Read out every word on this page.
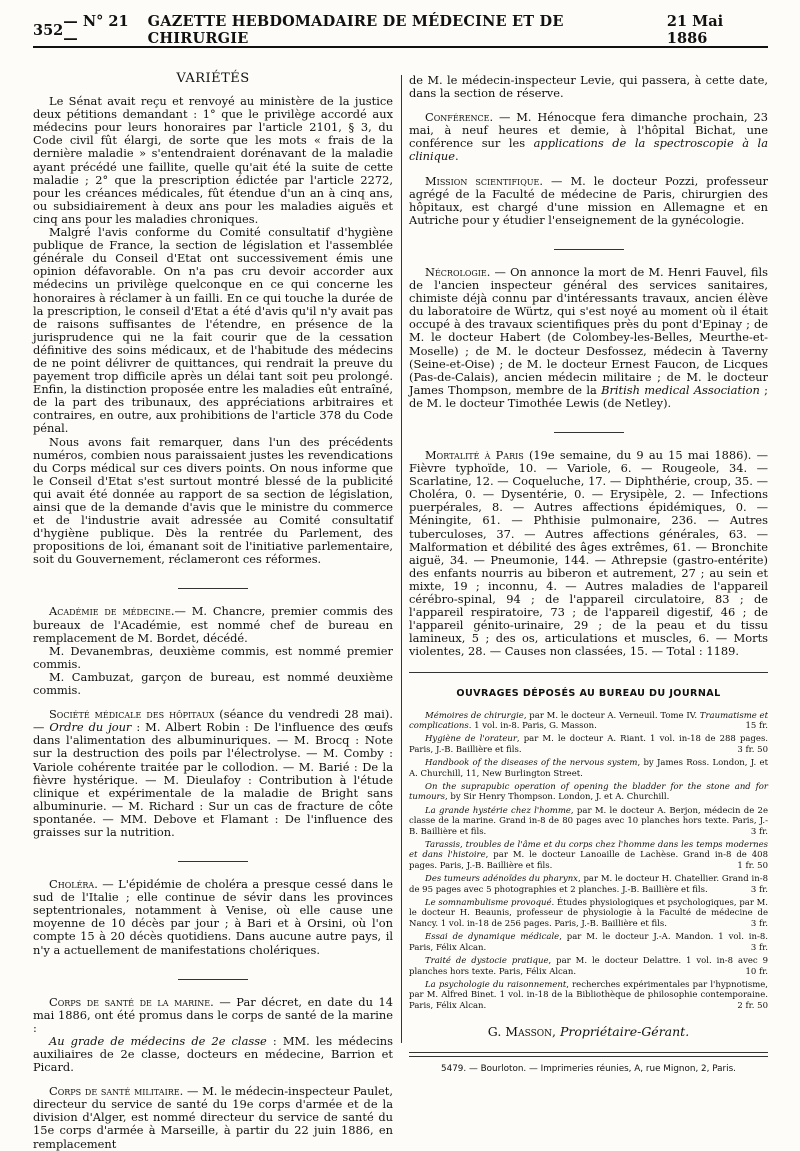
352 — N° 21 —
GAZETTE HEBDOMADAIRE DE MÉDECINE ET DE CHIRURGIE
21 Mai 1886
VARIÉTÉS

Le Sénat avait reçu et renvoyé au ministère de la justice deux pétitions demandant : 1° que le privilège accordé aux médecins pour leurs honoraires par l'article 2101, § 3, du Code civil fût élargi, de sorte que les mots « frais de la dernière maladie » s'entendraient dorénavant de la maladie ayant précédé une faillite, quelle qu'ait été la suite de cette maladie ; 2° que la prescription édictée par l'article 2272, pour les créances médicales, fût étendue d'un an à cinq ans, ou subsidiairement à deux ans pour les maladies aiguës et cinq ans pour les maladies chroniques.

Malgré l'avis conforme du Comité consultatif d'hygiène publique de France, la section de législation et l'assemblée générale du Conseil d'Etat ont successivement émis une opinion défavorable. On n'a pas cru devoir accorder aux médecins un privilège quelconque en ce qui concerne les honoraires à réclamer à un failli. En ce qui touche la durée de la prescription, le conseil d'Etat a été d'avis qu'il n'y avait pas de raisons suffisantes de l'étendre, en présence de la jurisprudence qui ne la fait courir que de la cessation définitive des soins médicaux, et de l'habitude des médecins de ne point délivrer de quittances, qui rendrait la preuve du payement trop difficile après un délai tant soit peu prolongé. Enfin, la distinction proposée entre les maladies eût entraîné, de la part des tribunaux, des appréciations arbitraires et contraires, en outre, aux prohibitions de l'article 378 du Code pénal.

Nous avons fait remarquer, dans l'un des précédents numéros, combien nous paraissaient justes les revendications du Corps médical sur ces divers points. On nous informe que le Conseil d'Etat s'est surtout montré blessé de la publicité qui avait été donnée au rapport de sa section de législation, ainsi que de la demande d'avis que le ministre du commerce et de l'industrie avait adressée au Comité consultatif d'hygiène publique. Dès la rentrée du Parlement, des propositions de loi, émanant soit de l'initiative parlementaire, soit du Gouvernement, réclameront ces réformes.

Académie de médecine.— M. Chancre, premier commis des bureaux de l'Académie, est nommé chef de bureau en remplacement de M. Bordet, décédé.

M. Devanembras, deuxième commis, est nommé premier commis.

M. Cambuzat, garçon de bureau, est nommé deuxième commis.

Société médicale des hôpitaux (séance du vendredi 28 mai). — Ordre du jour : M. Albert Robin : De l'influence des œufs dans l'alimentation des albuminuriques. — M. Brocq : Note sur la destruction des poils par l'électrolyse. — M. Comby : Variole cohérente traitée par le collodion. — M. Barié : De la fièvre hystérique. — M. Dieulafoy : Contribution à l'étude clinique et expérimentale de la maladie de Bright sans albuminurie. — M. Richard : Sur un cas de fracture de côte spontanée. — MM. Debove et Flamant : De l'influence des graisses sur la nutrition.

Choléra. — L'épidémie de choléra a presque cessé dans le sud de l'Italie ; elle continue de sévir dans les provinces septentrionales, notamment à Venise, où elle cause une moyenne de 10 décès par jour ; à Bari et à Orsini, où l'on compte 15 à 20 décès quotidiens. Dans aucune autre pays, il n'y a actuellement de manifestations cholériques.

Corps de santé de la marine. — Par décret, en date du 14 mai 1886, ont été promus dans le corps de santé de la marine :

Au grade de médecins de 2e classe : MM. les médecins auxiliaires de 2e classe, docteurs en médecine, Barrion et Picard.

Corps de santé militaire. — M. le médecin-inspecteur Paulet, directeur du service de santé du 19e corps d'armée et de la division d'Alger, est nommé directeur du service de santé du 15e corps d'armée à Marseille, à partir du 22 juin 1886, en remplacement

de M. le médecin-inspecteur Levie, qui passera, à cette date, dans la section de réserve.

Conférence. — M. Hénocque fera dimanche prochain, 23 mai, à neuf heures et demie, à l'hôpital Bichat, une conférence sur les applications de la spectroscopie à la clinique.

Mission scientifique. — M. le docteur Pozzi, professeur agrégé de la Faculté de médecine de Paris, chirurgien des hôpitaux, est chargé d'une mission en Allemagne et en Autriche pour y étudier l'enseignement de la gynécologie.

Nécrologie. — On annonce la mort de M. Henri Fauvel, fils de l'ancien inspecteur général des services sanitaires, chimiste déjà connu par d'intéressants travaux, ancien élève du laboratoire de Würtz, qui s'est noyé au moment où il était occupé à des travaux scientifiques près du pont d'Epinay ; de M. le docteur Habert (de Colombey-les-Belles, Meurthe-et-Moselle) ; de M. le docteur Desfossez, médecin à Taverny (Seine-et-Oise) ; de M. le docteur Ernest Faucon, de Licques (Pas-de-Calais), ancien médecin militaire ; de M. le docteur James Thompson, membre de la British medical Association ; de M. le docteur Timothée Lewis (de Netley).

Mortalité à Paris (19e semaine, du 9 au 15 mai 1886). — Fièvre typhoïde, 10. — Variole, 6. — Rougeole, 34. — Scarlatine, 12. — Coqueluche, 17. — Diphthérie, croup, 35. — Choléra, 0. — Dysentérie, 0. — Erysipèle, 2. — Infections puerpérales, 8. — Autres affections épidémiques, 0. — Méningite, 61. — Phthisie pulmonaire, 236. — Autres tuberculoses, 37. — Autres affections générales, 63. — Malformation et débilité des âges extrêmes, 61. — Bronchite aiguë, 34. — Pneumonie, 144. — Athrepsie (gastro-entérite) des enfants nourris au biberon et autrement, 27 ; au sein et mixte, 19 ; inconnu, 4. — Autres maladies de l'appareil cérébro-spinal, 94 ; de l'appareil circulatoire, 83 ; de l'appareil respiratoire, 73 ; de l'appareil digestif, 46 ; de l'appareil génito-urinaire, 29 ; de la peau et du tissu lamineux, 5 ; des os, articulations et muscles, 6. — Morts violentes, 28. — Causes non classées, 15. — Total : 1189.

OUVRAGES DÉPOSÉS AU BUREAU DU JOURNAL

Mémoires de chirurgie, par M. le docteur A. Verneuil. Tome IV. Traumatisme et complications. 1 vol. in-8. Paris, G. Masson.	15 fr.

Hygiène de l'orateur, par M. le docteur A. Riant. 1 vol. in-18 de 288 pages. Paris, J.-B. Baillière et fils.	3 fr. 50

Handbook of the diseases of the nervous system, by James Ross. London, J. et A. Churchill, 11, New Burlington Street.

On the suprapubic operation of opening the bladder for the stone and for tumours, by Sir Henry Thompson. London, J. et A. Churchill.

La grande hystérie chez l'homme, par M. le docteur A. Berjon, médecin de 2e classe de la marine. Grand in-8 de 80 pages avec 10 planches hors texte. Paris, J.-B. Baillière et fils.	3 fr.

Tarassis, troubles de l'âme et du corps chez l'homme dans les temps modernes et dans l'histoire, par M. le docteur Lanoaille de Lachèse. Grand in-8 de 408 pages. Paris, J.-B. Baillière et fils.	1 fr. 50

Des tumeurs adénoïdes du pharynx, par M. le docteur H. Chatellier. Grand in-8 de 95 pages avec 5 photographies et 2 planches. J.-B. Baillière et fils.	3 fr.

Le somnambulisme provoqué. Études physiologiques et psychologiques, par M. le docteur H. Beaunis, professeur de physiologie à la Faculté de médecine de Nancy. 1 vol. in-18 de 256 pages. Paris, J.-B. Baillière et fils.	3 fr.

Essai de dynamique médicale, par M. le docteur J.-A. Mandon. 1 vol. in-8. Paris, Félix Alcan.	3 fr.

Traité de dystocie pratique, par M. le docteur Delattre. 1 vol. in-8 avec 9 planches hors texte. Paris, Félix Alcan.	10 fr.

La psychologie du raisonnement, recherches expérimentales par l'hypnotisme, par M. Alfred Binet. 1 vol. in-18 de la Bibliothèque de philosophie contemporaine. Paris, Félix Alcan.	2 fr. 50

G. Masson, Propriétaire-Gérant.
5479. — Bourloton. — Imprimeries réunies, A, rue Mignon, 2, Paris.
